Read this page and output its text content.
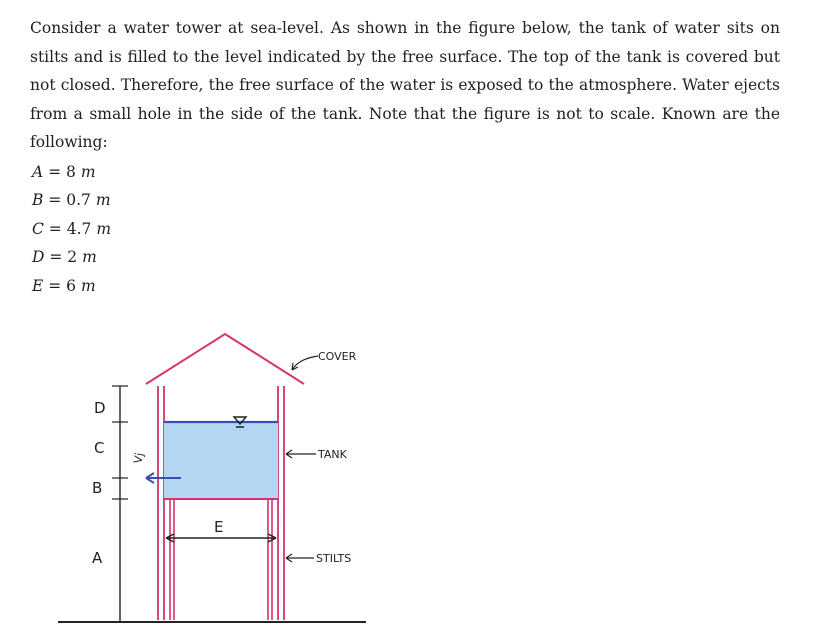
Consider a water tower at sea-level. As shown in the figure below, the tank of water sits on stilts and is filled to the level indicated by the free surface. The top of the tank is covered but not closed. Therefore, the free surface of the water is exposed to the atmosphere. Water ejects from a small hole in the side of the tank. Note that the figure is not to scale. Known are the following:
A = 8 m
B = 0.7 m
C = 4.7 m
D = 2 m
E = 6 m
Vj
D
C
B
A
E
COVER
TANK
STILTS
